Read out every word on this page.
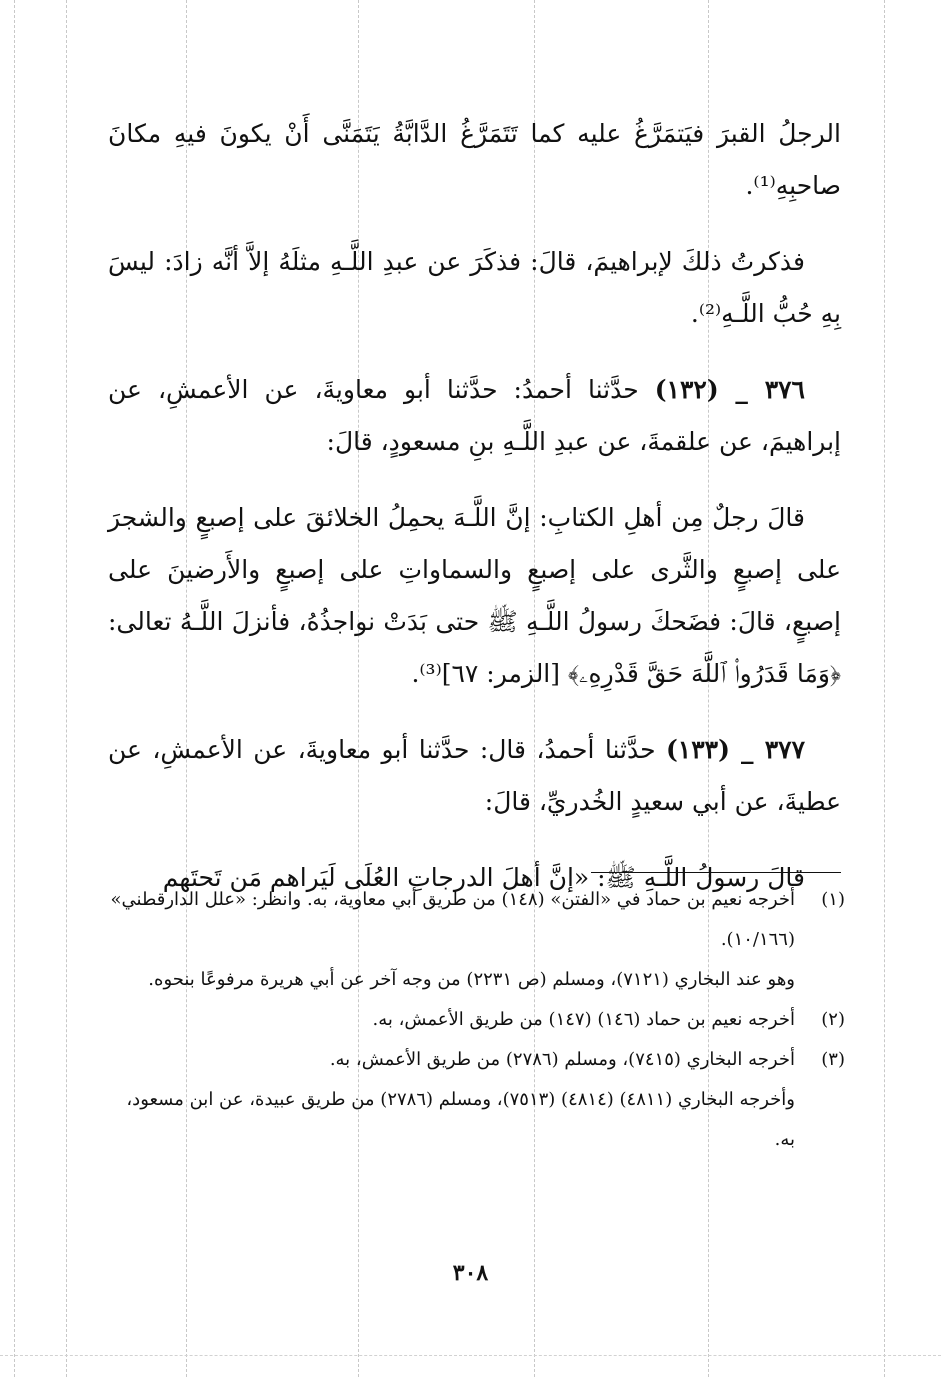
الرجلُ القبرَ فيَتمَرَّغُ عليه كما تَتَمَرَّغُ الدَّابَّةُ يَتَمَنَّى أَنْ يكونَ فيهِ مكانَ صاحبِهِ⁽¹⁾.

فذكرتُ ذلكَ لإبراهيمَ، قالَ: فذكَرَ عن عبدِ اللَّـهِ مثلَهُ إلاَّ أنَّه زادَ: ليسَ بِهِ حُبُّ اللَّـهِ⁽²⁾.

٣٧٦ _ (١٣٢) حدَّثنا أحمدُ: حدَّثنا أبو معاويةَ، عن الأعمشِ، عن إبراهيمَ، عن علقمةَ، عن عبدِ اللَّـهِ بنِ مسعودٍ، قالَ:

قالَ رجلٌ مِن أهلِ الكتابِ: إنَّ اللَّـهَ يحمِلُ الخلائقَ على إصبعٍ والشجرَ على إصبعٍ والثَّرى على إصبعٍ والسماواتِ على إصبعٍ والأَرضينَ على إصبعٍ، قالَ: فضَحكَ رسولُ اللَّـهِ ﷺ حتى بَدَتْ نواجذُهُ، فأنزلَ اللَّـهُ تعالى: ﴿وَمَا قَدَرُوا۟ ٱللَّهَ حَقَّ قَدْرِهِۦ﴾ [الزمر: ٦٧]⁽³⁾.

٣٧٧ _ (١٣٣) حدَّثنا أحمدُ، قال: حدَّثنا أبو معاويةَ، عن الأعمشِ، عن عطيةَ، عن أبي سعيدٍ الخُدريِّ، قالَ:

قالَ رسولُ اللَّـهِ ﷺ: «إنَّ أهلَ الدرجاتِ العُلَى لَيَراهم مَن تَحتَهم

(١)

أخرجه نعيم بن حماد في «الفتن» (١٤٨) من طريق أبي معاوية، به. وانظر: «علل الدارقطني» (١٠/١٦٦).

وهو عند البخاري (٧١٢١)، ومسلم (ص ٢٢٣١) من وجه آخر عن أبي هريرة مرفوعًا بنحوه.

(٢)

أخرجه نعيم بن حماد (١٤٦) (١٤٧) من طريق الأعمش، به.

(٣)

أخرجه البخاري (٧٤١٥)، ومسلم (٢٧٨٦) من طريق الأعمش، به.

وأخرجه البخاري (٤٨١١) (٤٨١٤) (٧٥١٣)، ومسلم (٢٧٨٦) من طريق عبيدة، عن ابن مسعود، به.

٣٠٨
